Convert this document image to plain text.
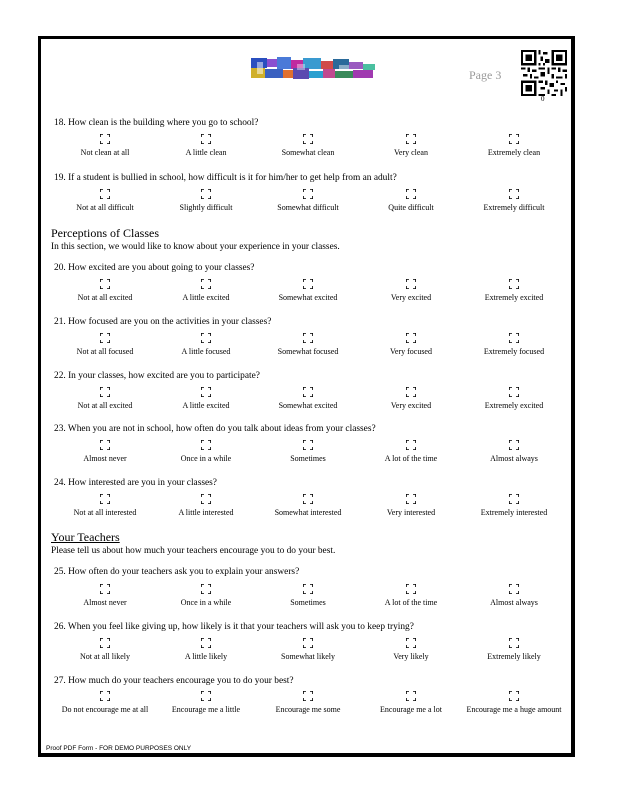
Page 3
0
18. How clean is the building where you go to school?
Not clean at all	A little clean	Somewhat clean	Very clean	Extremely clean
19. If a student is bullied in school, how difficult is it for him/her to get help from an adult?
Not at all difficult	Slightly difficult	Somewhat difficult	Quite difficult	Extremely difficult
Perceptions of Classes
In this section, we would like to know about your experience in your classes.
20. How excited are you about going to your classes?
Not at all excited	A little excited	Somewhat excited	Very excited	Extremely excited
21. How focused are you on the activities in your classes?
Not at all focused	A little focused	Somewhat focused	Very focused	Extremely focused
22. In your classes, how excited are you to participate?
Not at all excited	A little excited	Somewhat excited	Very excited	Extremely excited
23. When you are not in school, how often do you talk about ideas from your classes?
Almost never	Once in a while	Sometimes	A lot of the time	Almost always
24. How interested are you in your classes?
Not at all interested	A little interested	Somewhat interested	Very interested	Extremely interested
Your Teachers
Please tell us about how much your teachers encourage you to do your best.
25. How often do your teachers ask you to explain your answers?
Almost never	Once in a while	Sometimes	A lot of the time	Almost always
26. When you feel like giving up, how likely is it that your teachers will ask you to keep trying?
Not at all likely	A little likely	Somewhat likely	Very likely	Extremely likely
27. How much do your teachers encourage you to do your best?
Do not encourage me at all	Encourage me a little	Encourage me some	Encourage me a lot	Encourage me a huge amount
Proof PDF Form - FOR DEMO PURPOSES ONLY
